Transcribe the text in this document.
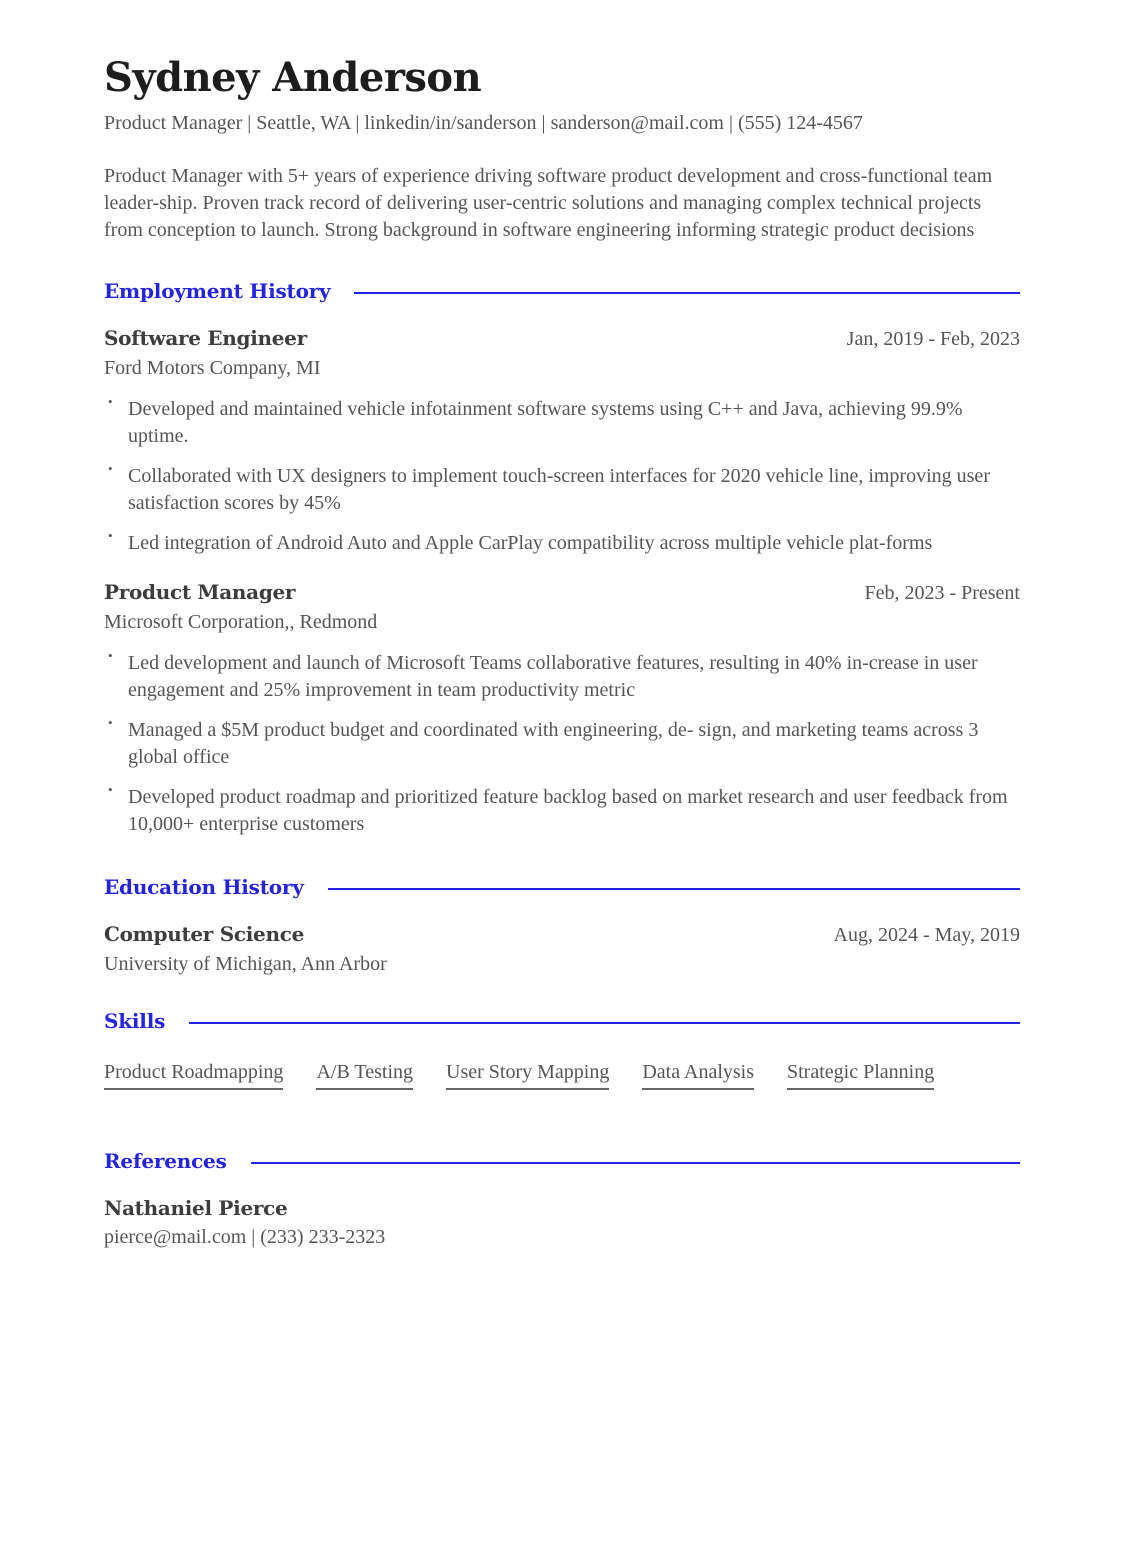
Sydney Anderson
Product Manager | Seattle, WA | linkedin/in/sanderson | sanderson@mail.com | (555) 124-4567
Product Manager with 5+ years of experience driving software product development and cross-functional team leader-ship. Proven track record of delivering user-centric solutions and managing complex technical projects from conception to launch. Strong background in software engineering informing strategic product decisions
Employment History
Software Engineer	Jan, 2019 - Feb, 2023
Ford Motors Company, MI
• Developed and maintained vehicle infotainment software systems using C++ and Java, achieving 99.9% uptime.
• Collaborated with UX designers to implement touch-screen interfaces for 2020 vehicle line, improving user satisfaction scores by 45%
• Led integration of Android Auto and Apple CarPlay compatibility across multiple vehicle plat-forms
Product Manager	Feb, 2023 - Present
Microsoft Corporation,, Redmond
• Led development and launch of Microsoft Teams collaborative features, resulting in 40% in-crease in user engagement and 25% improvement in team productivity metric
• Managed a $5M product budget and coordinated with engineering, de- sign, and marketing teams across 3 global office
• Developed product roadmap and prioritized feature backlog based on market research and user feedback from 10,000+ enterprise customers
Education History
Computer Science	Aug, 2024 - May, 2019
University of Michigan, Ann Arbor
Skills
Product Roadmapping A/B Testing User Story Mapping Data Analysis Strategic Planning
References
Nathaniel Pierce
pierce@mail.com | (233) 233-2323
